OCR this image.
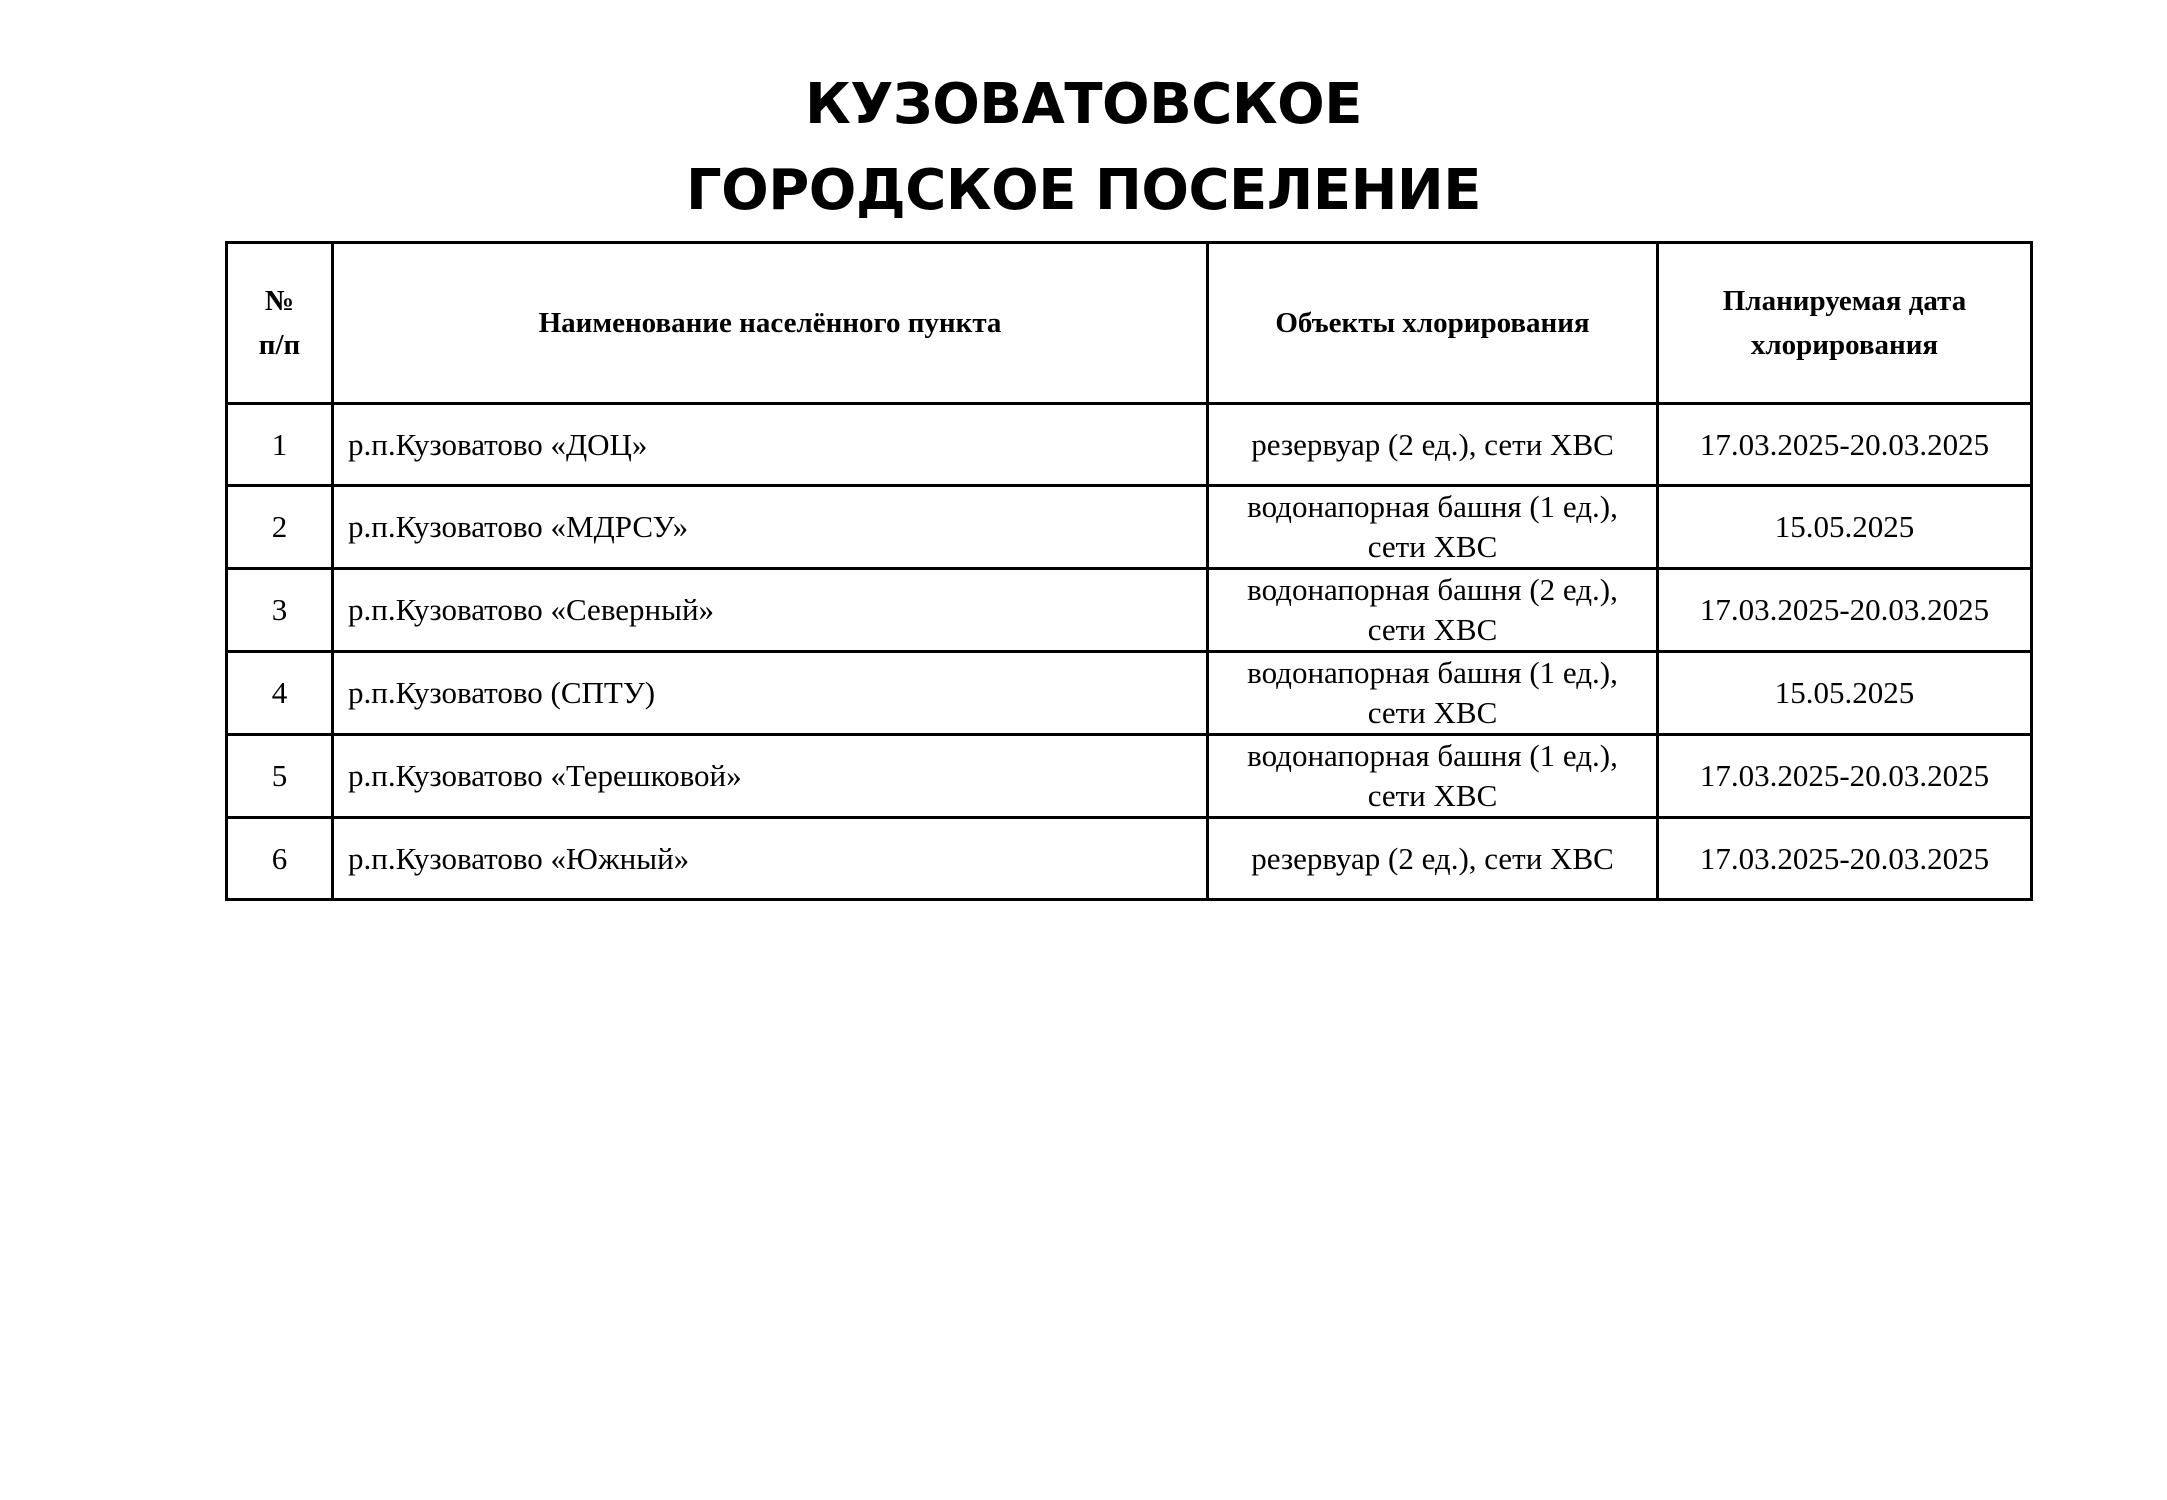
КУЗОВАТОВСКОЕ
ГОРОДСКОЕ ПОСЕЛЕНИЕ
№ п/п	Наименование населённого пункта	Объекты хлорирования	Планируемая дата хлорирования
1	р.п.Кузоватово «ДОЦ»	резервуар (2 ед.), сети ХВС	17.03.2025-20.03.2025
2	р.п.Кузоватово «МДРСУ»	водонапорная башня (1 ед.), сети ХВС	15.05.2025
3	р.п.Кузоватово «Северный»	водонапорная башня (2 ед.), сети ХВС	17.03.2025-20.03.2025
4	р.п.Кузоватово (СПТУ)	водонапорная башня (1 ед.), сети ХВС	15.05.2025
5	р.п.Кузоватово «Терешковой»	водонапорная башня (1 ед.), сети ХВС	17.03.2025-20.03.2025
6	р.п.Кузоватово «Южный»	резервуар (2 ед.), сети ХВС	17.03.2025-20.03.2025
